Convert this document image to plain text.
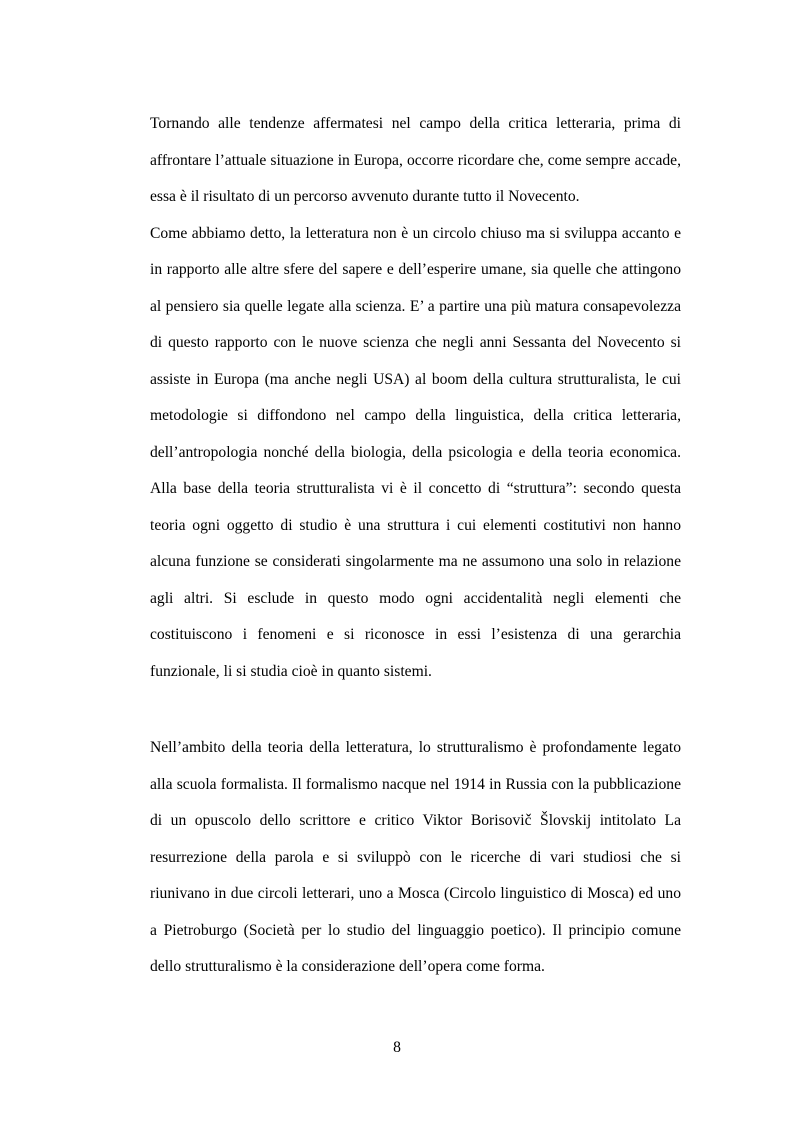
Tornando alle tendenze affermatesi nel campo della critica letteraria, prima di affrontare l’attuale situazione in Europa, occorre ricordare che, come sempre accade, essa è il risultato di un percorso avvenuto durante tutto il Novecento.

Come abbiamo detto, la letteratura non è un circolo chiuso ma si sviluppa accanto e in rapporto alle altre sfere del sapere e dell’esperire umane, sia quelle che attingono al pensiero sia quelle legate alla scienza. E’ a partire una più matura consapevolezza di questo rapporto con le nuove scienza che negli anni Sessanta del Novecento si assiste in Europa (ma anche negli USA) al boom della cultura strutturalista, le cui metodologie si diffondono nel campo della linguistica, della critica letteraria, dell’antropologia nonché della biologia, della psicologia e della teoria economica. Alla base della teoria strutturalista vi è il concetto di “struttura”: secondo questa teoria ogni oggetto di studio è una struttura i cui elementi costitutivi non hanno alcuna funzione se considerati singolarmente ma ne assumono una solo in relazione agli altri. Si esclude in questo modo ogni accidentalità negli elementi che costituiscono i fenomeni e si riconosce in essi l’esistenza di una gerarchia funzionale, li si studia cioè in quanto sistemi.

Nell’ambito della teoria della letteratura, lo strutturalismo è profondamente legato alla scuola formalista. Il formalismo nacque nel 1914 in Russia con la pubblicazione di un opuscolo dello scrittore e critico Viktor Borisovič Šlovskij intitolato La resurrezione della parola e si sviluppò con le ricerche di vari studiosi che si riunivano in due circoli letterari, uno a Mosca (Circolo linguistico di Mosca) ed uno a Pietroburgo (Società per lo studio del linguaggio poetico). Il principio comune dello strutturalismo è la considerazione dell’opera come forma.

8
